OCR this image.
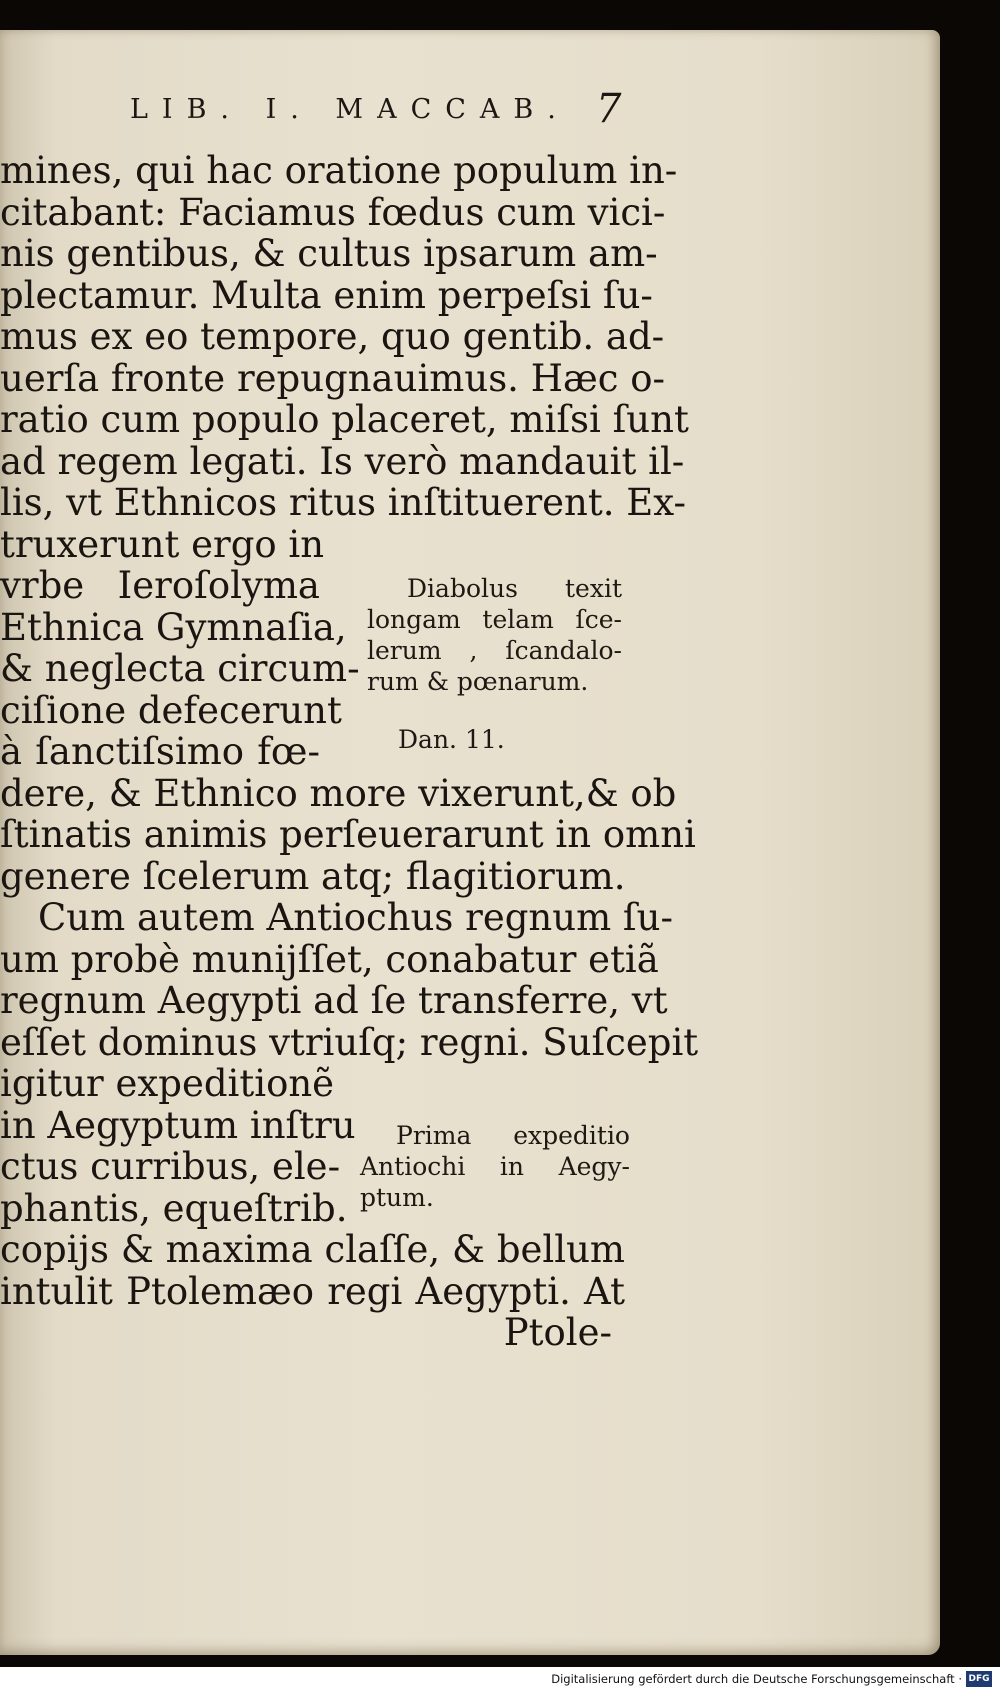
LIB. I. MACCAB. 7
mines, qui hac oratione populum in-
citabant: Faciamus fœdus cum vici-
nis gentibus, & cultus ipsarum am-
plectamur. Multa enim perpeſsi ſu-
mus ex eo tempore, quo gentib. ad-
uerſa fronte repugnauimus. Hæc o-
ratio cum populo placeret, miſsi ſunt
ad regem legati. Is verò mandauit il-
lis, vt Ethnicos ritus inſtituerent. Ex-
truxerunt ergo in
vrbe Ieroſolyma
Ethnica Gymnaſia,
& neglecta circum-
ciſione defecerunt
à ſanctiſsimo fœ-
dere, & Ethnico more vixerunt,& ob
ſtinatis animis perſeuerarunt in omni
genere ſcelerum atq; flagitiorum.
Cum autem Antiochus regnum ſu-
um probè munijſſet, conabatur etiã
regnum Aegypti ad ſe transferre, vt
eſſet dominus vtriuſq; regni. Suſcepit
igitur expeditionẽ
in Aegyptum inſtru
ctus curribus, ele-
phantis, equeſtrib.
copijs & maxima claſſe, & bellum
intulit Ptolemæo regi Aegypti. At
Ptole-
Diabolus texit
longam telam ſce-
lerum , ſcandalo-
rum & pœnarum.
Dan. 11.
Prima expeditio
Antiochi in Aegy-
ptum.
Digitalisierung gefördert durch die Deutsche Forschungsgemeinschaft · DFG
